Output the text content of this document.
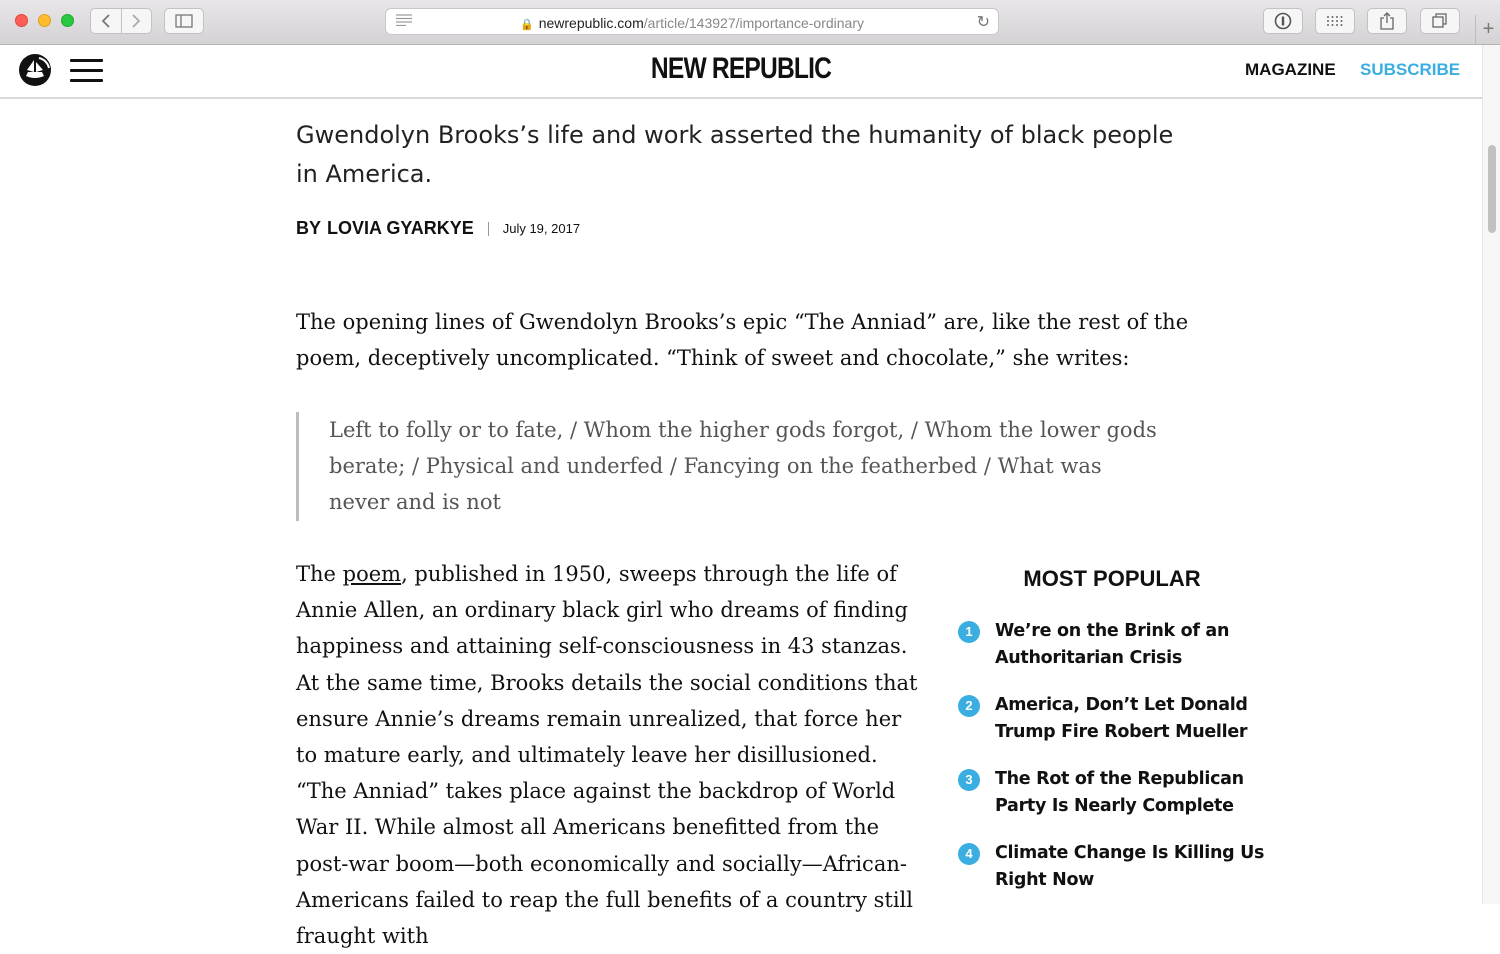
🔒 newrepublic.com/article/143927/importance-ordinary	↻	+
NEW REPUBLIC	MAGAZINE SUBSCRIBE
Gwendolyn Brooks’s life and work asserted the humanity of black people in America.
BY LOVIA GYARKYE July 19, 2017
The opening lines of Gwendolyn Brooks’s epic “The Anniad” are, like the rest of the poem, deceptively uncomplicated. “Think of sweet and chocolate,” she writes:
Left to folly or to fate, / Whom the higher gods forgot, / Whom the lower gods berate; / Physical and underfed / Fancying on the featherbed / What was never and is not
The poem, published in 1950, sweeps through the life of Annie Allen, an ordinary black girl who dreams of finding happiness and attaining self-consciousness in 43 stanzas. At the same time, Brooks details the social conditions that ensure Annie’s dreams remain unrealized, that force her to mature early, and ultimately leave her disillusioned. “The Anniad” takes place against the backdrop of World War II. While almost all Americans benefitted from the post-war boom—both economically and socially—African-Americans failed to reap the full benefits of a country still fraught with
MOST POPULAR
1	We’re on the Brink of an Authoritarian Crisis
2	America, Don’t Let Donald Trump Fire Robert Mueller
3	The Rot of the Republican Party Is Nearly Complete
4	Climate Change Is Killing Us Right Now
